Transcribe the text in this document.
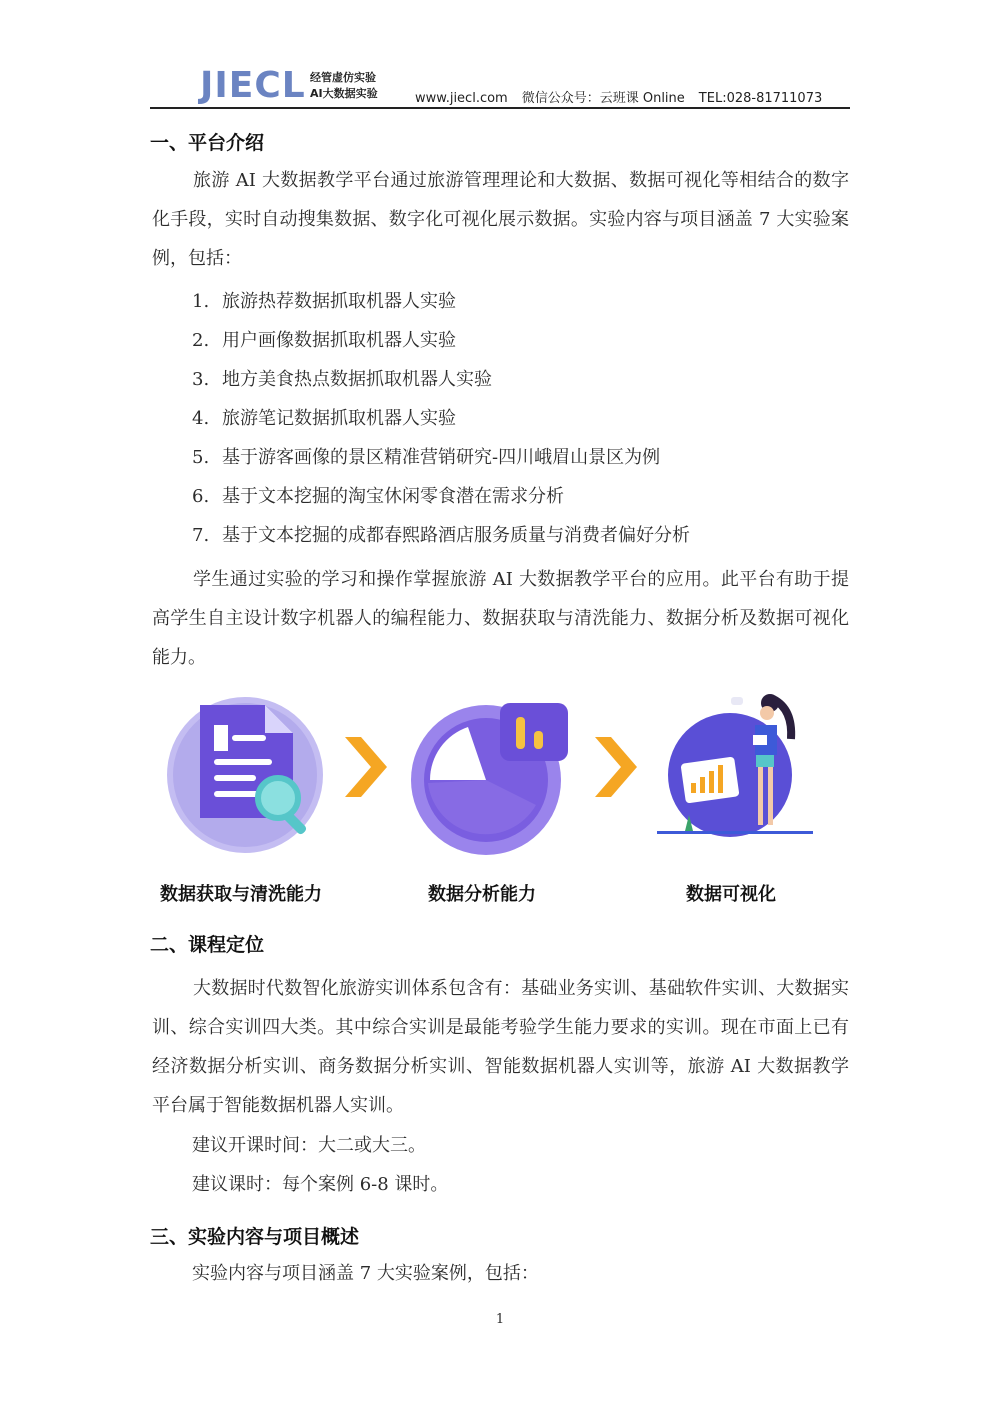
JIECL 经管虚仿实验
AI大数据实验	www.jiecl.com 微信公众号：云班课 Online TEL:028-81711073
一、平台介绍
旅游 AI 大数据教学平台通过旅游管理理论和大数据、数据可视化等相结合的数字化手段，实时自动搜集数据、数字化可视化展示数据。实验内容与项目涵盖 7 大实验案例，包括：
1. 旅游热荐数据抓取机器人实验
2. 用户画像数据抓取机器人实验
3. 地方美食热点数据抓取机器人实验
4. 旅游笔记数据抓取机器人实验
5. 基于游客画像的景区精准营销研究-四川峨眉山景区为例
6. 基于文本挖掘的淘宝休闲零食潜在需求分析
7. 基于文本挖掘的成都春熙路酒店服务质量与消费者偏好分析
学生通过实验的学习和操作掌握旅游 AI 大数据教学平台的应用。此平台有助于提高学生自主设计数字机器人的编程能力、数据获取与清洗能力、数据分析及数据可视化能力。
数据获取与清洗能力	数据分析能力	数据可视化
二、课程定位
大数据时代数智化旅游实训体系包含有：基础业务实训、基础软件实训、大数据实训、综合实训四大类。其中综合实训是最能考验学生能力要求的实训。现在市面上已有经济数据分析实训、商务数据分析实训、智能数据机器人实训等，旅游 AI 大数据教学平台属于智能数据机器人实训。
建议开课时间：大二或大三。
建议课时：每个案例 6-8 课时。
三、实验内容与项目概述
实验内容与项目涵盖 7 大实验案例，包括：
1
